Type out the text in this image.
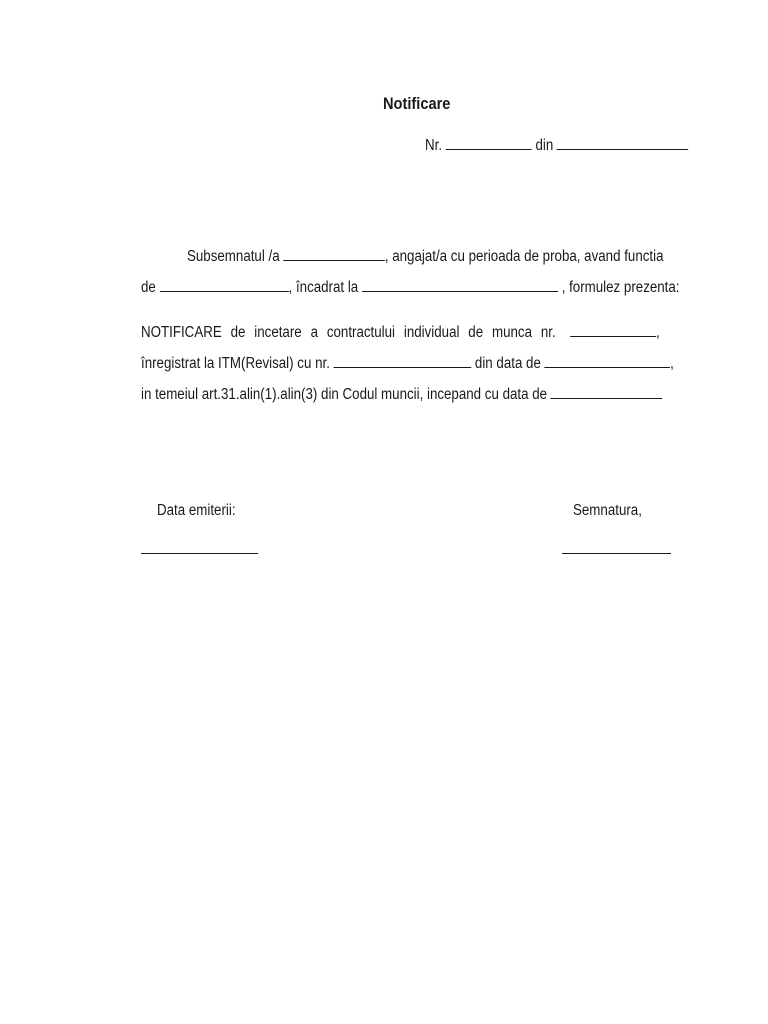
Notificare
Nr.	din
Subsemnatul /a	, angajat/a cu perioada de proba, avand functia
de	, încadrat la	, formulez prezenta:
NOTIFICARE de incetare a contractului individual de munca nr.	,
înregistrat la ITM(Revisal) cu nr.	din data de	,
in temeiul art.31.alin(1).alin(3) din Codul muncii, incepand cu data de
Data emiterii:	Semnatura,
